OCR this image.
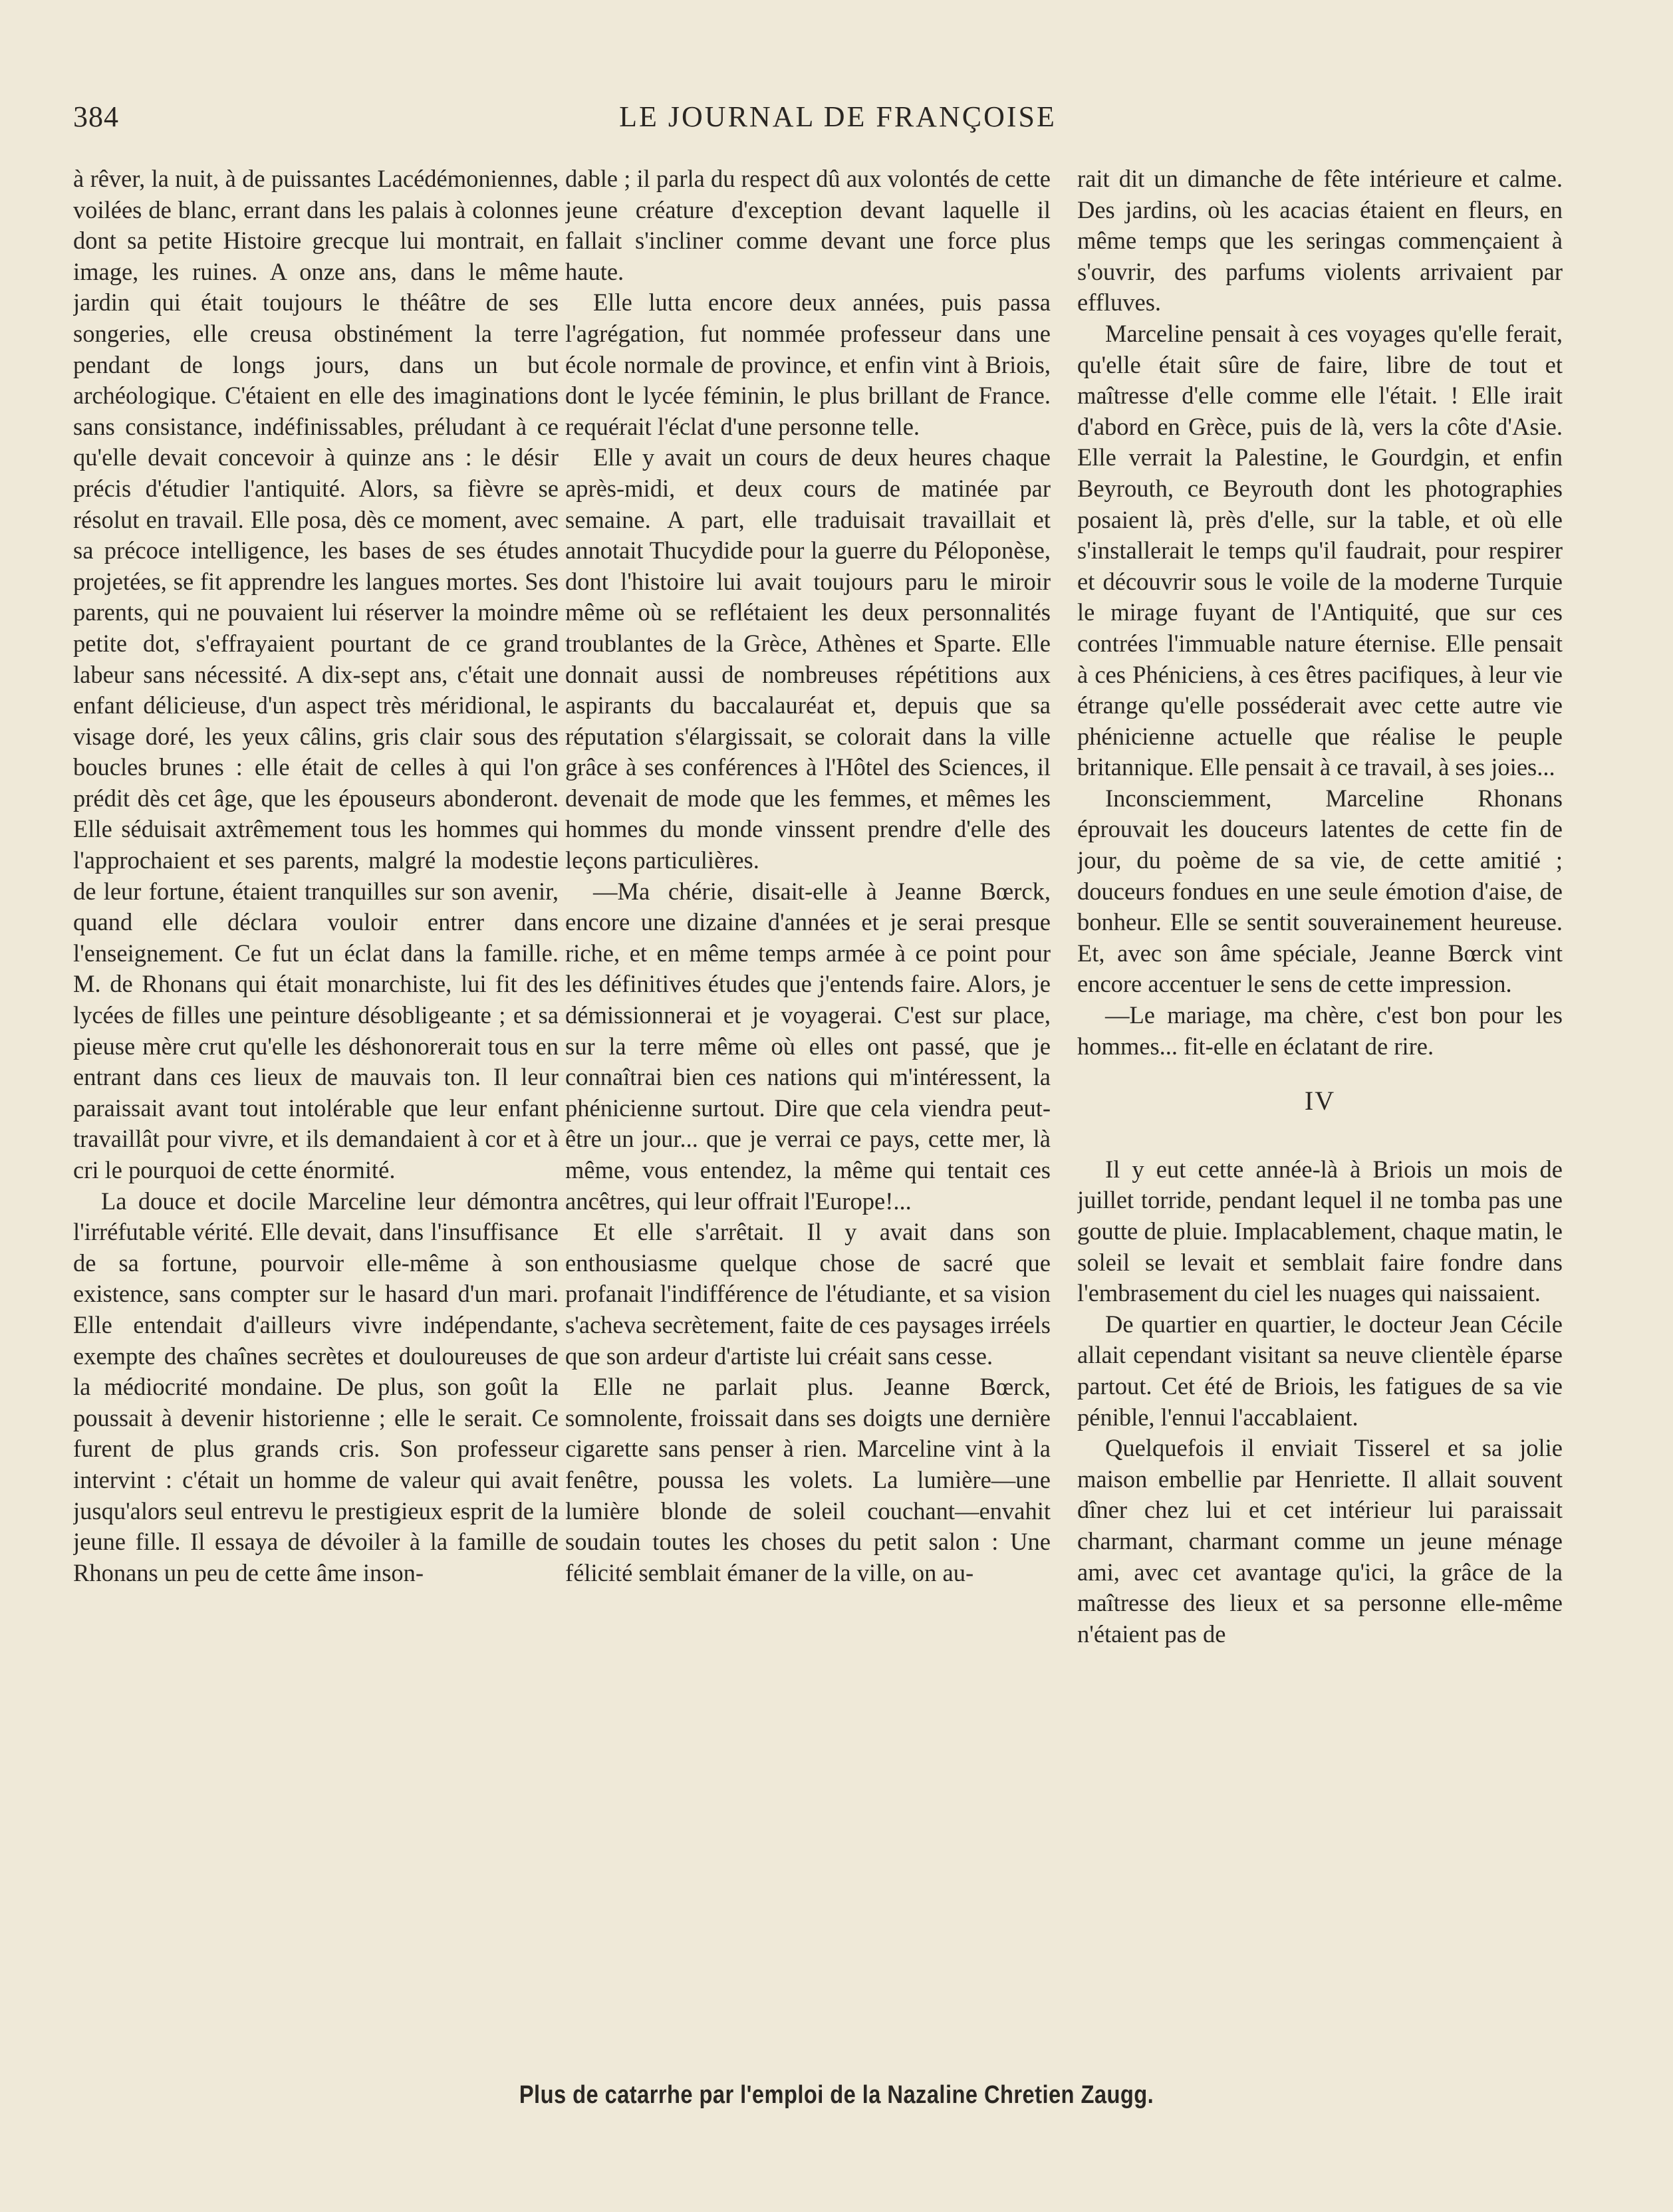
384	LE JOURNAL DE FRANÇOISE

à rêver, la nuit, à de puissantes Lacédémoniennes, voilées de blanc, errant dans les palais à colonnes dont sa petite Histoire grecque lui montrait, en image, les ruines. A onze ans, dans le même jardin qui était toujours le théâtre de ses songeries, elle creusa obstinément la terre pendant de longs jours, dans un but archéologique. C'étaient en elle des imaginations sans consistance, indéfinissables, préludant à ce qu'elle devait concevoir à quinze ans : le désir précis d'étudier l'antiquité. Alors, sa fièvre se résolut en travail. Elle posa, dès ce moment, avec sa précoce intelligence, les bases de ses études projetées, se fit apprendre les langues mortes. Ses parents, qui ne pouvaient lui réserver la moindre petite dot, s'effrayaient pourtant de ce grand labeur sans nécessité. A dix-sept ans, c'était une enfant délicieuse, d'un aspect très méridional, le visage doré, les yeux câlins, gris clair sous des boucles brunes : elle était de celles à qui l'on prédit dès cet âge, que les épouseurs abonderont. Elle séduisait axtrêmement tous les hommes qui l'approchaient et ses parents, malgré la modestie de leur fortune, étaient tranquilles sur son avenir, quand elle déclara vouloir entrer dans l'enseignement. Ce fut un éclat dans la famille. M. de Rhonans qui était monarchiste, lui fit des lycées de filles une peinture désobligeante ; et sa pieuse mère crut qu'elle les déshonorerait tous en entrant dans ces lieux de mauvais ton. Il leur paraissait avant tout intolérable que leur enfant travaillât pour vivre, et ils demandaient à cor et à cri le pourquoi de cette énormité.

La douce et docile Marceline leur démontra l'irréfutable vérité. Elle devait, dans l'insuffisance de sa fortune, pourvoir elle-même à son existence, sans compter sur le hasard d'un mari. Elle entendait d'ailleurs vivre indépendante, exempte des chaînes secrètes et douloureuses de la médiocrité mondaine. De plus, son goût la poussait à devenir historienne ; elle le serait. Ce furent de plus grands cris. Son professeur intervint : c'était un homme de valeur qui avait jusqu'alors seul entrevu le prestigieux esprit de la jeune fille. Il essaya de dévoiler à la famille de Rhonans un peu de cette âme inson-

dable ; il parla du respect dû aux volontés de cette jeune créature d'exception devant laquelle il fallait s'incliner comme devant une force plus haute.

Elle lutta encore deux années, puis passa l'agrégation, fut nommée professeur dans une école normale de province, et enfin vint à Briois, dont le lycée féminin, le plus brillant de France. requérait l'éclat d'une personne telle.

Elle y avait un cours de deux heures chaque après-midi, et deux cours de matinée par semaine. A part, elle traduisait travaillait et annotait Thucydide pour la guerre du Péloponèse, dont l'histoire lui avait toujours paru le miroir même où se reflétaient les deux personnalités troublantes de la Grèce, Athènes et Sparte. Elle donnait aussi de nombreuses répétitions aux aspirants du baccalauréat et, depuis que sa réputation s'élargissait, se colorait dans la ville grâce à ses conférences à l'Hôtel des Sciences, il devenait de mode que les femmes, et mêmes les hommes du monde vinssent prendre d'elle des leçons particulières.

—Ma chérie, disait-elle à Jeanne Bœrck, encore une dizaine d'années et je serai presque riche, et en même temps armée à ce point pour les définitives études que j'entends faire. Alors, je démissionnerai et je voyagerai. C'est sur place, sur la terre même où elles ont passé, que je connaîtrai bien ces nations qui m'intéressent, la phénicienne surtout. Dire que cela viendra peut-être un jour... que je verrai ce pays, cette mer, là même, vous entendez, la même qui tentait ces ancêtres, qui leur offrait l'Europe!...

Et elle s'arrêtait. Il y avait dans son enthousiasme quelque chose de sacré que profanait l'indifférence de l'étudiante, et sa vision s'acheva secrètement, faite de ces paysages irréels que son ardeur d'artiste lui créait sans cesse.

Elle ne parlait plus. Jeanne Bœrck, somnolente, froissait dans ses doigts une dernière cigarette sans penser à rien. Marceline vint à la fenêtre, poussa les volets. La lumière—une lumière blonde de soleil couchant—envahit soudain toutes les choses du petit salon : Une félicité semblait émaner de la ville, on au-

rait dit un dimanche de fête intérieure et calme. Des jardins, où les acacias étaient en fleurs, en même temps que les seringas commençaient à s'ouvrir, des parfums violents arrivaient par effluves.

Marceline pensait à ces voyages qu'elle ferait, qu'elle était sûre de faire, libre de tout et maîtresse d'elle comme elle l'était. ! Elle irait d'abord en Grèce, puis de là, vers la côte d'Asie. Elle verrait la Palestine, le Gourdgin, et enfin Beyrouth, ce Beyrouth dont les photographies posaient là, près d'elle, sur la table, et où elle s'installerait le temps qu'il faudrait, pour respirer et découvrir sous le voile de la moderne Turquie le mirage fuyant de l'Antiquité, que sur ces contrées l'immuable nature éternise. Elle pensait à ces Phéniciens, à ces êtres pacifiques, à leur vie étrange qu'elle posséderait avec cette autre vie phénicienne actuelle que réalise le peuple britannique. Elle pensait à ce travail, à ses joies...

Inconsciemment, Marceline Rhonans éprouvait les douceurs latentes de cette fin de jour, du poème de sa vie, de cette amitié ; douceurs fondues en une seule émotion d'aise, de bonheur. Elle se sentit souverainement heureuse. Et, avec son âme spéciale, Jeanne Bœrck vint encore accentuer le sens de cette impression.

—Le mariage, ma chère, c'est bon pour les hommes... fit-elle en éclatant de rire.

IV

Il y eut cette année-là à Briois un mois de juillet torride, pendant lequel il ne tomba pas une goutte de pluie. Implacablement, chaque matin, le soleil se levait et semblait faire fondre dans l'embrasement du ciel les nuages qui naissaient.

De quartier en quartier, le docteur Jean Cécile allait cependant visitant sa neuve clientèle éparse partout. Cet été de Briois, les fatigues de sa vie pénible, l'ennui l'accablaient.

Quelquefois il enviait Tisserel et sa jolie maison embellie par Henriette. Il allait souvent dîner chez lui et cet intérieur lui paraissait charmant, charmant comme un jeune ménage ami, avec cet avantage qu'ici, la grâce de la maîtresse des lieux et sa personne elle-même n'étaient pas de

Plus de catarrhe par l'emploi de la Nazaline Chretien Zaugg.
